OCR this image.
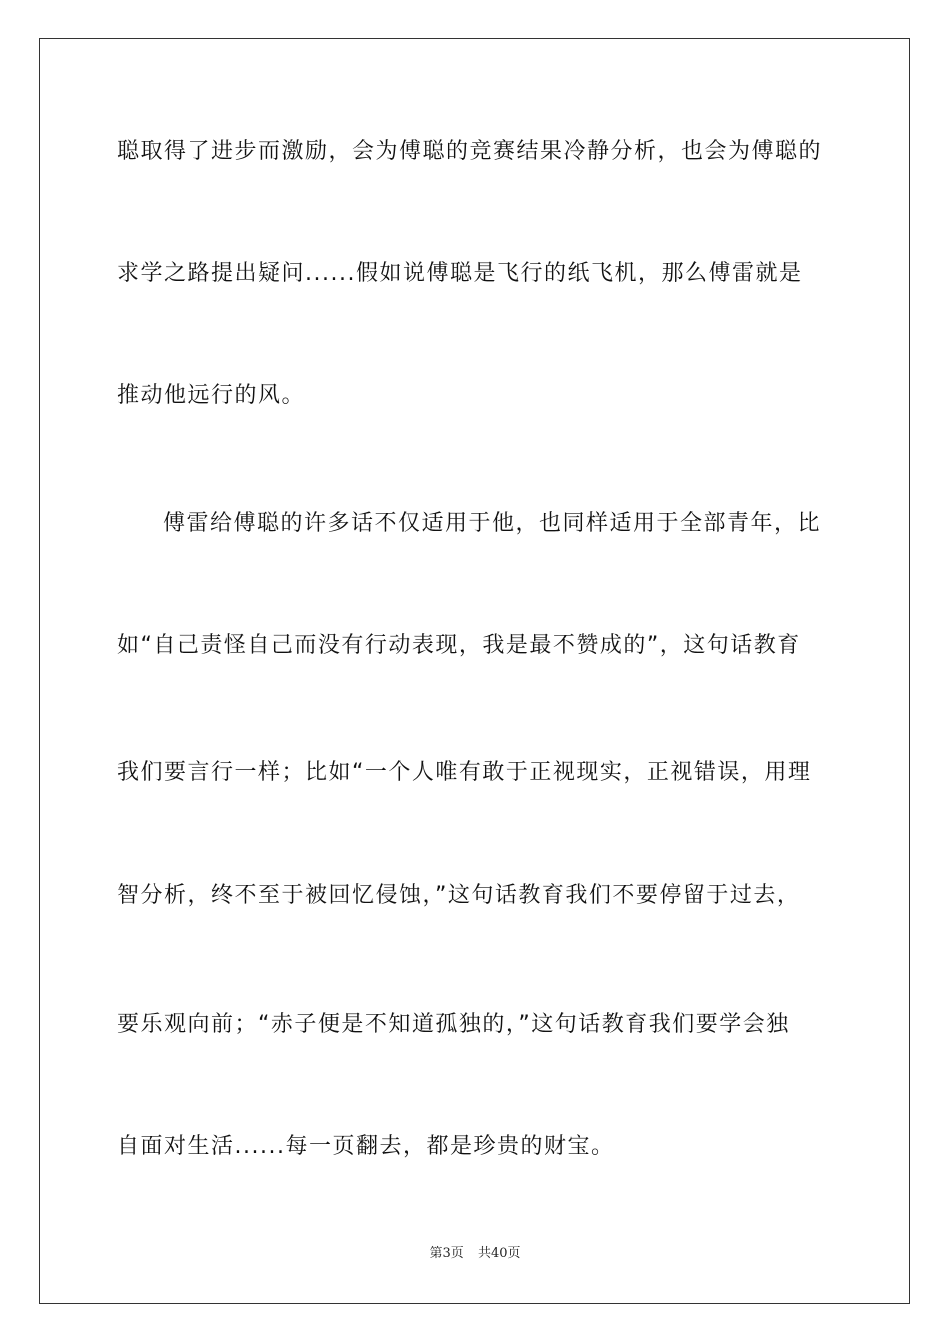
聪取得了进步而激励，会为傅聪的竞赛结果冷静分析，也会为傅聪的
求学之路提出疑问......假如说傅聪是飞行的纸飞机，那么傅雷就是
推动他远行的风。
傅雷给傅聪的许多话不仅适用于他，也同样适用于全部青年，比
如“自己责怪自己而没有行动表现，我是最不赞成的”，这句话教育
我们要言行一样；比如“一个人唯有敢于正视现实，正视错误，用理
智分析，终不至于被回忆侵蚀，”这句话教育我们不要停留于过去，
要乐观向前；“赤子便是不知道孤独的，”这句话教育我们要学会独
自面对生活......每一页翻去，都是珍贵的财宝。
第3页 共40页
